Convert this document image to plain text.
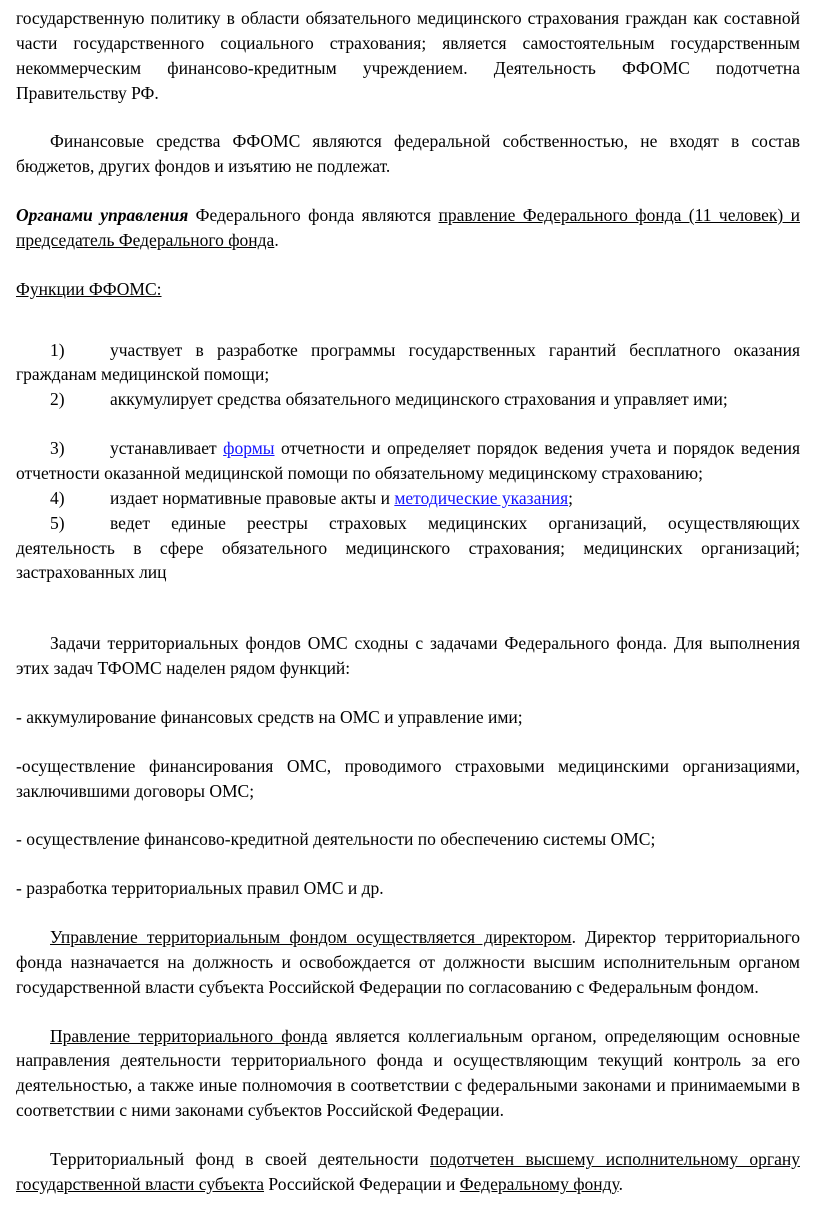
государственную политику в области обязательного медицинского страхования граждан как составной части государственного социального страхования; является самостоятельным государственным некоммерческим финансово-кредитным учреждением. Деятельность ФФОМС подотчетна Правительству РФ.

Финансовые средства ФФОМС являются федеральной собственностью, не входят в состав бюджетов, других фондов и изъятию не подлежат.

Органами управления Федерального фонда являются правление Федерального фонда (11 человек) и председатель Федерального фонда.

Функции ФФОМС:

1)	участвует в разработке программы государственных гарантий бесплатного оказания гражданам медицинской помощи;

2)	аккумулирует средства обязательного медицинского страхования и управляет ими;

3)	устанавливает формы отчетности и определяет порядок ведения учета и порядок ведения отчетности оказанной медицинской помощи по обязательному медицинскому страхованию;

4)	издает нормативные правовые акты и методические указания;

5)	ведет единые реестры страховых медицинских организаций, осуществляющих деятельность в сфере обязательного медицинского страхования; медицинских организаций; застрахованных лиц

Задачи территориальных фондов ОМС сходны с задачами Федерального фонда. Для выполнения этих задач ТФОМС наделен рядом функций:

- аккумулирование финансовых средств на ОМС и управление ими;

-осуществление финансирования ОМС, проводимого страховыми медицинскими организациями, заключившими договоры ОМС;

- осуществление финансово-кредитной деятельности по обеспечению системы ОМС;

- разработка территориальных правил ОМС и др.

Управление территориальным фондом осуществляется директором. Директор территориального фонда назначается на должность и освобождается от должности высшим исполнительным органом государственной власти субъекта Российской Федерации по согласованию с Федеральным фондом.

Правление территориального фонда является коллегиальным органом, определяющим основные направления деятельности территориального фонда и осуществляющим текущий контроль за его деятельностью, а также иные полномочия в соответствии с федеральными законами и принимаемыми в соответствии с ними законами субъектов Российской Федерации.

Территориальный фонд в своей деятельности подотчетен высшему исполнительному органу государственной власти субъекта Российской Федерации и Федеральному фонду.
